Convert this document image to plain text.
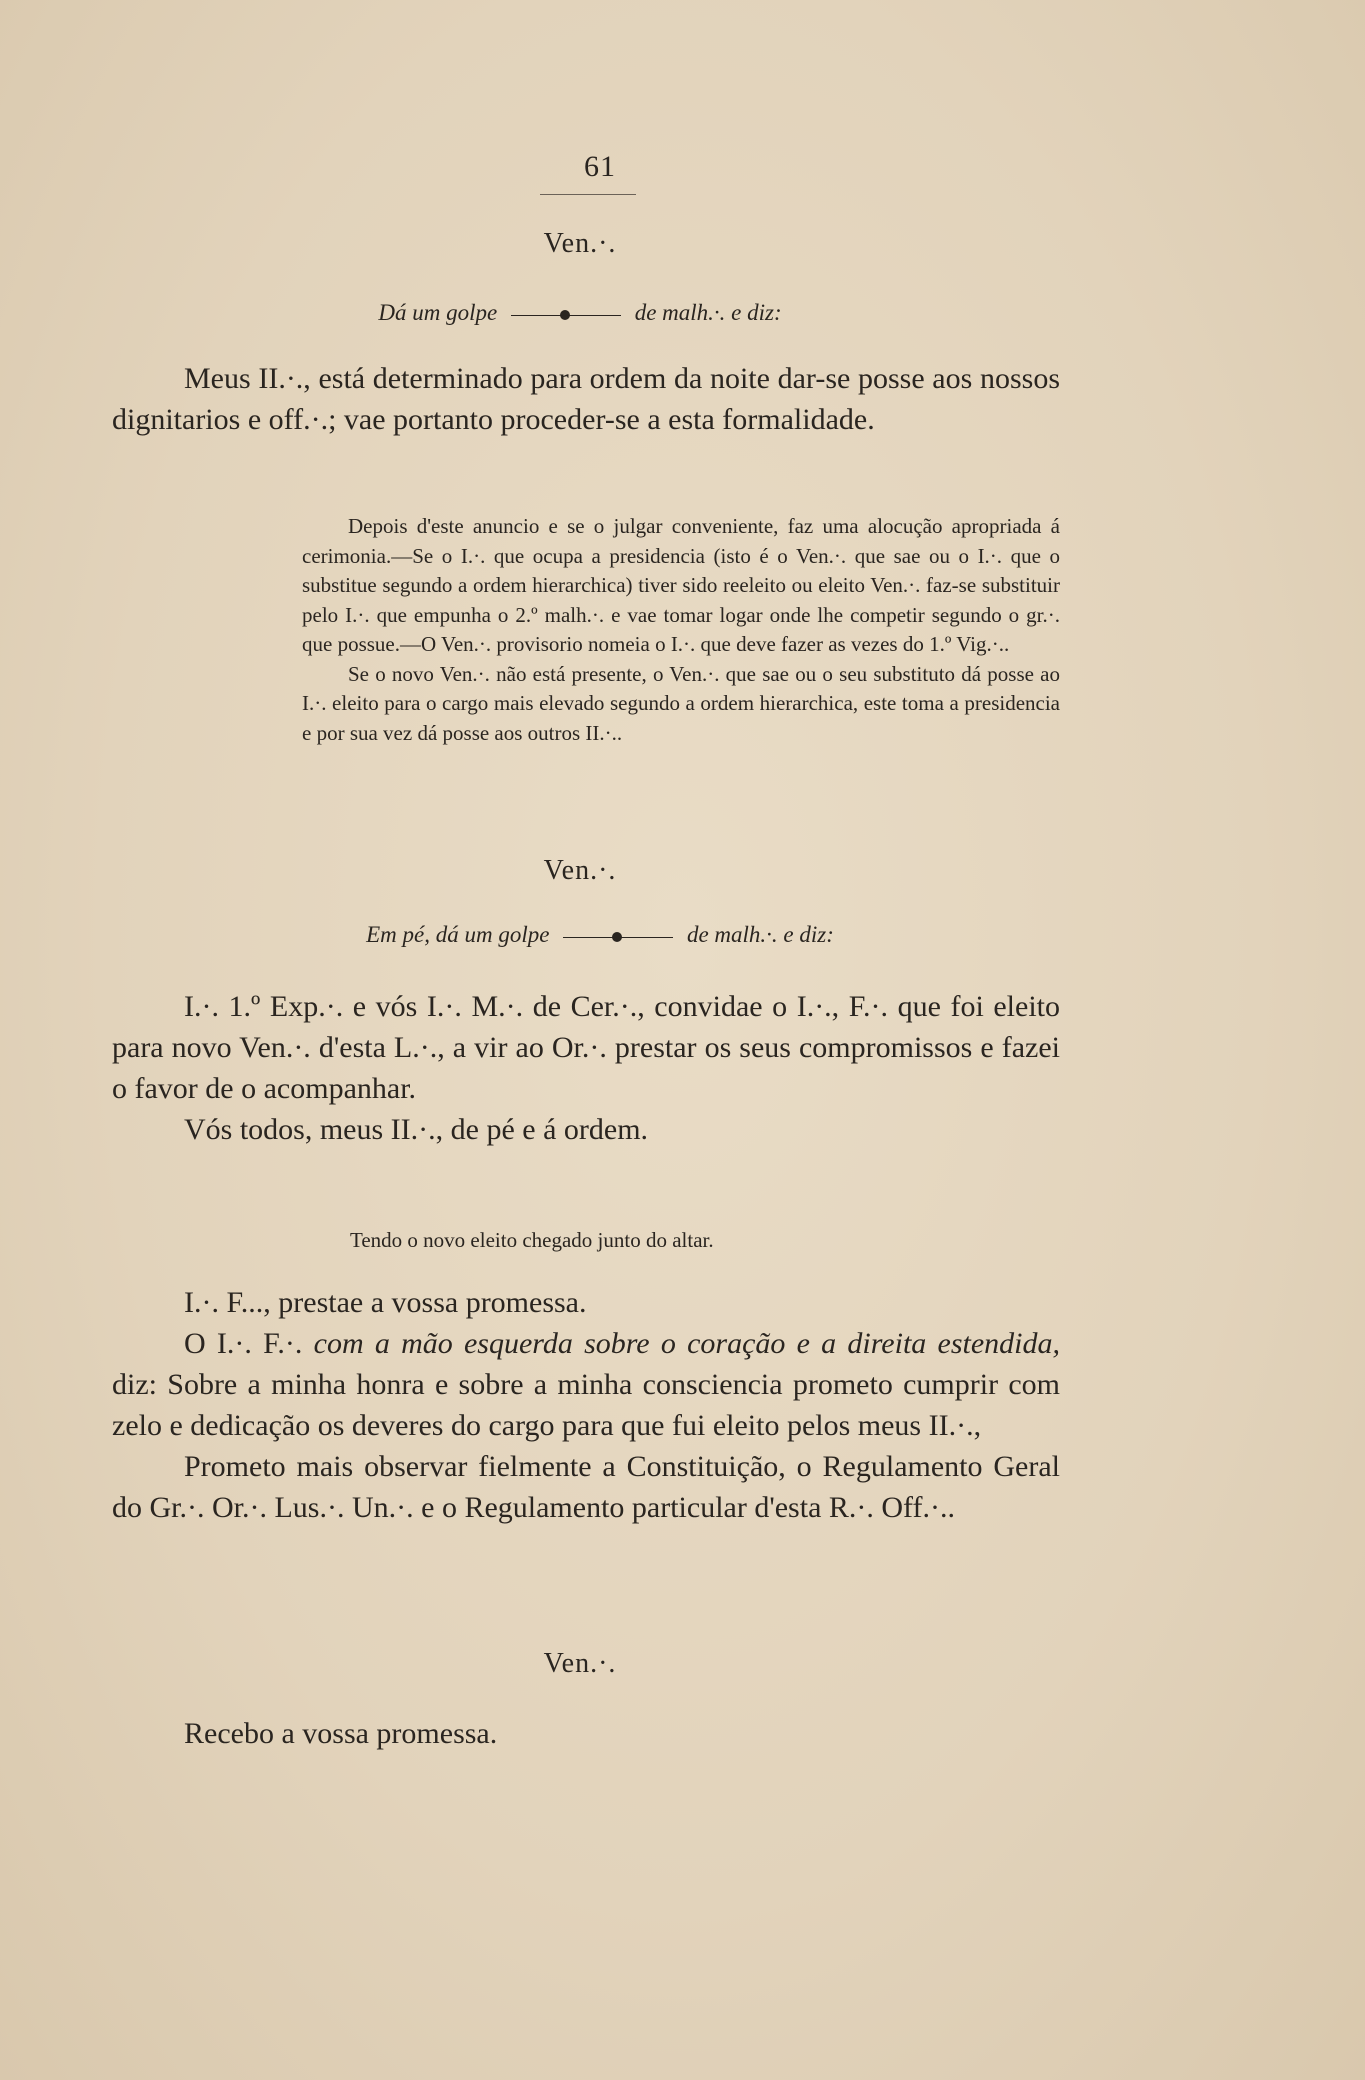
61
Ven.·.
Dá um golpe	de malh.·. e diz:

Meus II.·., está determinado para ordem da noite dar-se posse aos nossos dignitarios e off.·.; vae portanto proceder-se a esta formalidade.

Depois d'este anuncio e se o julgar conveniente, faz uma alocução apropriada á cerimonia.—Se o I.·. que ocupa a presidencia (isto é o Ven.·. que sae ou o I.·. que o substitue segundo a ordem hierarchica) tiver sido reeleito ou eleito Ven.·. faz-se substituir pelo I.·. que empunha o 2.º malh.·. e vae tomar logar onde lhe competir segundo o gr.·. que possue.—O Ven.·. provisorio nomeia o I.·. que deve fazer as vezes do 1.º Vig.·..

Se o novo Ven.·. não está presente, o Ven.·. que sae ou o seu substituto dá posse ao I.·. eleito para o cargo mais elevado segundo a ordem hierarchica, este toma a presidencia e por sua vez dá posse aos outros II.·..

Ven.·.
Em pé, dá um golpe	de malh.·. e diz:

I.·. 1.º Exp.·. e vós I.·. M.·. de Cer.·., convidae o I.·., F.·. que foi eleito para novo Ven.·. d'esta L.·., a vir ao Or.·. prestar os seus compromissos e fazei o favor de o acompanhar.

Vós todos, meus II.·., de pé e á ordem.

Tendo o novo eleito chegado junto do altar.

I.·. F..., prestae a vossa promessa.

O I.·. F.·. com a mão esquerda sobre o coração e a direita estendida, diz: Sobre a minha honra e sobre a minha consciencia prometo cumprir com zelo e dedicação os deveres do cargo para que fui eleito pelos meus II.·.,

Prometo mais observar fielmente a Constituição, o Regulamento Geral do Gr.·. Or.·. Lus.·. Un.·. e o Regulamento particular d'esta R.·. Off.·..

Ven.·.

Recebo a vossa promessa.
